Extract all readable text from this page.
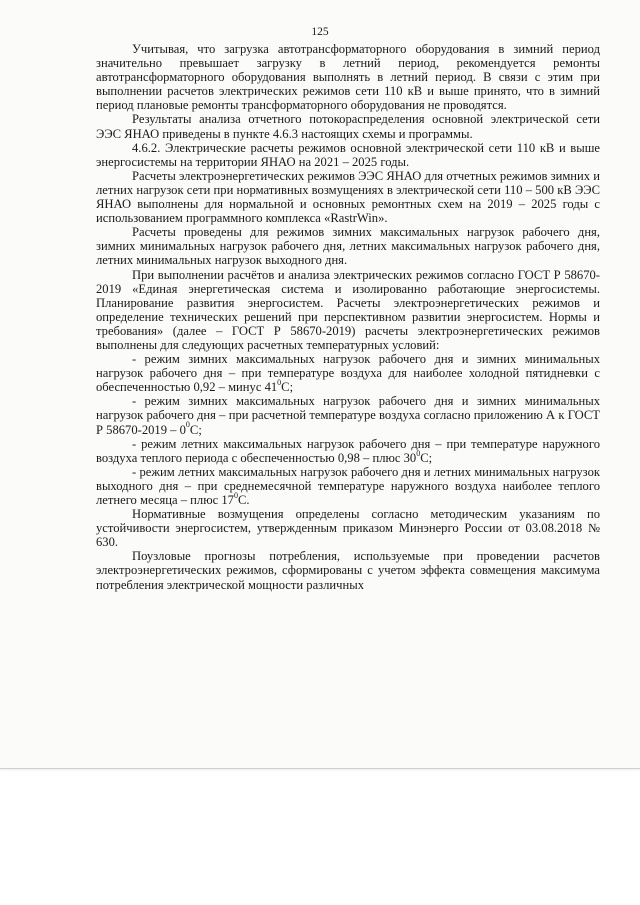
125

Учитывая, что загрузка автотрансформаторного оборудования в зимний период значительно превышает загрузку в летний период, рекомендуется ремонты автотрансформаторного оборудования выполнять в летний период. В связи с этим при выполнении расчетов электрических режимов сети 110 кВ и выше принято, что в зимний период плановые ремонты трансформаторного оборудования не проводятся.

Результаты анализа отчетного потокораспределения основной электрической сети ЭЭС ЯНАО приведены в пункте 4.6.3 настоящих схемы и программы.

4.6.2. Электрические расчеты режимов основной электрической сети 110 кВ и выше энергосистемы на территории ЯНАО на 2021 – 2025 годы.

Расчеты электроэнергетических режимов ЭЭС ЯНАО для отчетных режимов зимних и летних нагрузок сети при нормативных возмущениях в электрической сети 110 – 500 кВ ЭЭС ЯНАО выполнены для нормальной и основных ремонтных схем на 2019 – 2025 годы с использованием программного комплекса «RastrWin».

Расчеты проведены для режимов зимних максимальных нагрузок рабочего дня, зимних минимальных нагрузок рабочего дня, летних максимальных нагрузок рабочего дня, летних минимальных нагрузок выходного дня.

При выполнении расчётов и анализа электрических режимов согласно ГОСТ Р 58670-2019 «Единая энергетическая система и изолированно работающие энергосистемы. Планирование развития энергосистем. Расчеты электроэнергетических режимов и определение технических решений при перспективном развитии энергосистем. Нормы и требования» (далее – ГОСТ Р 58670-2019) расчеты электроэнергетических режимов выполнены для следующих расчетных температурных условий:

- режим зимних максимальных нагрузок рабочего дня и зимних минимальных нагрузок рабочего дня – при температуре воздуха для наиболее холодной пятидневки с обеспеченностью 0,92 – минус $41^0С$;

- режим зимних максимальных нагрузок рабочего дня и зимних минимальных нагрузок рабочего дня – при расчетной температуре воздуха согласно приложению А к ГОСТ Р $58670-2019 - 0^0С$;

- режим летних максимальных нагрузок рабочего дня – при температуре наружного воздуха теплого периода с обеспеченностью 0,98 – плюс $30^0С$;

- режим летних максимальных нагрузок рабочего дня и летних минимальных нагрузок выходного дня – при среднемесячной температуре наружного воздуха наиболее теплого летнего месяца – плюс $17^0С$.

Нормативные возмущения определены согласно методическим указаниям по устойчивости энергосистем, утвержденным приказом Минэнерго России от 03.08.2018 № 630.

Поузловые прогнозы потребления, используемые при проведении расчетов электроэнергетических режимов, сформированы с учетом эффекта совмещения максимума потребления электрической мощности различных
